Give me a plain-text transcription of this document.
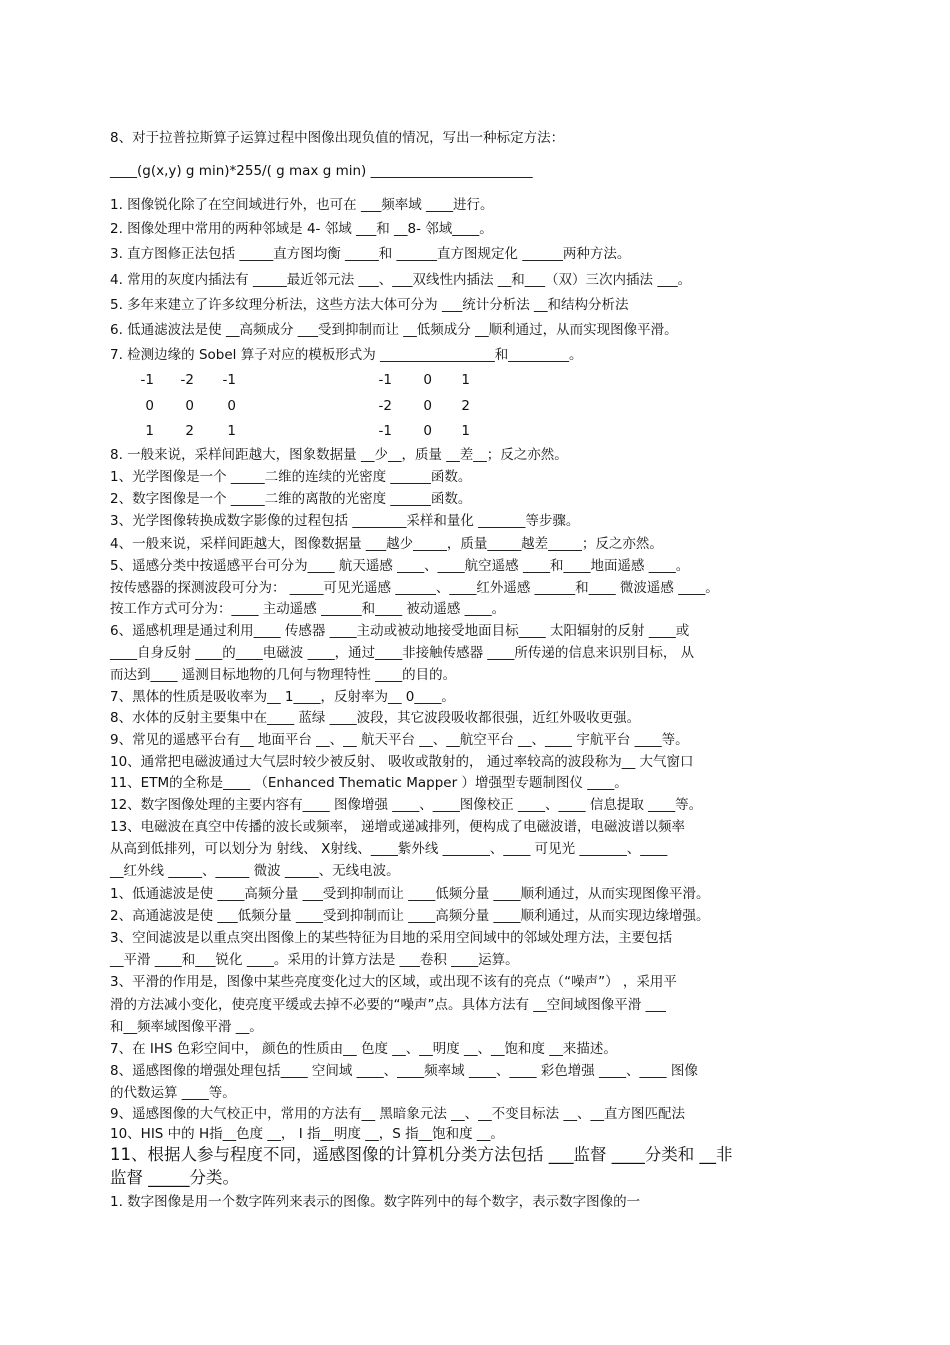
8、对于拉普拉斯算子运算过程中图像出现负值的情况，写出一种标定方法：
____(g(x,y) g min)*255/( g max g min) ________________________
1. 图像锐化除了在空间域进行外，也可在 ___频率域 ____进行。
2. 图像处理中常用的两种邻域是 4- 邻域 ___和 __8- 邻域____。
3. 直方图修正法包括 _____直方图均衡 _____和 ______直方图规定化 ______两种方法。
4. 常用的灰度内插法有 _____最近邻元法 ___、___双线性内插法 __和___（双）三次内插法 ___。
5. 多年来建立了许多纹理分析法，这些方法大体可分为 ___统计分析法 __和结构分析法
6. 低通滤波法是使 __高频成分 ___受到抑制而让 __低频成分 __顺利通过，从而实现图像平滑。
7. 检测边缘的 Sobel 算子对应的模板形式为 _________________和_________。
8. 一般来说，采样间距越大，图象数据量 __少__，质量 __差__；反之亦然。
1、光学图像是一个 _____二维的连续的光密度 ______函数。
2、数字图像是一个 _____二维的离散的光密度 ______函数。
3、光学图像转换成数字影像的过程包括 ________采样和量化 _______等步骤。
4、一般来说，采样间距越大，图像数据量 ___越少_____，质量_____越差_____；反之亦然。
5、遥感分类中按遥感平台可分为____ 航天遥感 ____、____航空遥感 ____和____地面遥感 ____。
按传感器的探测波段可分为： _____可见光遥感 ______、____红外遥感 ______和____ 微波遥感 ____。
按工作方式可分为：____ 主动遥感 ______和____ 被动遥感 ____。
6、遥感机理是通过利用____ 传感器 ____主动或被动地接受地面目标____ 太阳辐射的反射 ____或
____自身反射 ____的____电磁波 ____，通过____非接触传感器 ____所传递的信息来识别目标， 从
而达到____ 遥测目标地物的几何与物理特性 ____的目的。
7、黑体的性质是吸收率为__ 1____，反射率为__ 0____。
8、水体的反射主要集中在____ 蓝绿 ____波段，其它波段吸收都很强，近红外吸收更强。
9、常见的遥感平台有__ 地面平台 __、__ 航天平台 __、__航空平台 __、____ 宇航平台 ____等。
10、通常把电磁波通过大气层时较少被反射、 吸收或散射的， 通过率较高的波段称为__ 大气窗口
11、ETM的全称是____ （Enhanced Thematic Mapper ）增强型专题制图仪 ____。
12、数字图像处理的主要内容有____ 图像增强 ____、____图像校正 ____、____ 信息提取 ____等。
13、电磁波在真空中传播的波长或频率， 递增或递减排列，便构成了电磁波谱，电磁波谱以频率
从高到低排列，可以划分为 射线、 X射线、____紫外线 _______、____ 可见光 _______、____
__红外线 _____、_____ 微波 _____、无线电波。
1、低通滤波是使 ____高频分量 ___受到抑制而让 ____低频分量 ____顺利通过，从而实现图像平滑。
2、高通滤波是使 ___低频分量 ____受到抑制而让 ____高频分量 ____顺利通过，从而实现边缘增强。
3、空间滤波是以重点突出图像上的某些特征为目地的采用空间域中的邻域处理方法，主要包括
__平滑 ____和___锐化 ____。采用的计算方法是 ___卷积 ____运算。
3、平滑的作用是，图像中某些亮度变化过大的区域，或出现不该有的亮点（“噪声”） ，采用平
滑的方法减小变化，使亮度平缓或去掉不必要的“噪声”点。具体方法有 __空间域图像平滑 ___
和__频率域图像平滑 __。
7、在 IHS 色彩空间中， 颜色的性质由__ 色度 __、__明度 __、__饱和度 __来描述。
8、遥感图像的增强处理包括____ 空间域 ____、____频率域 ____、____ 彩色增强 ____、____ 图像
的代数运算 ____等。
9、遥感图像的大气校正中，常用的方法有__ 黑暗象元法 __、__不变目标法 __、__直方图匹配法
10、HIS 中的 H指__色度 __， I 指__明度 __，S 指__饱和度 __。
11、根据人参与程度不同，遥感图像的计算机分类方法包括 ___监督 ____分类和 __非
监督 _____分类。
1. 数字图像是用一个数字阵列来表示的图像。数字阵列中的每个数字，表示数字图像的一
-1	-2	-1
0	0	0
1	2	1
-1	0	1
-2	0	2
-1	0	1
